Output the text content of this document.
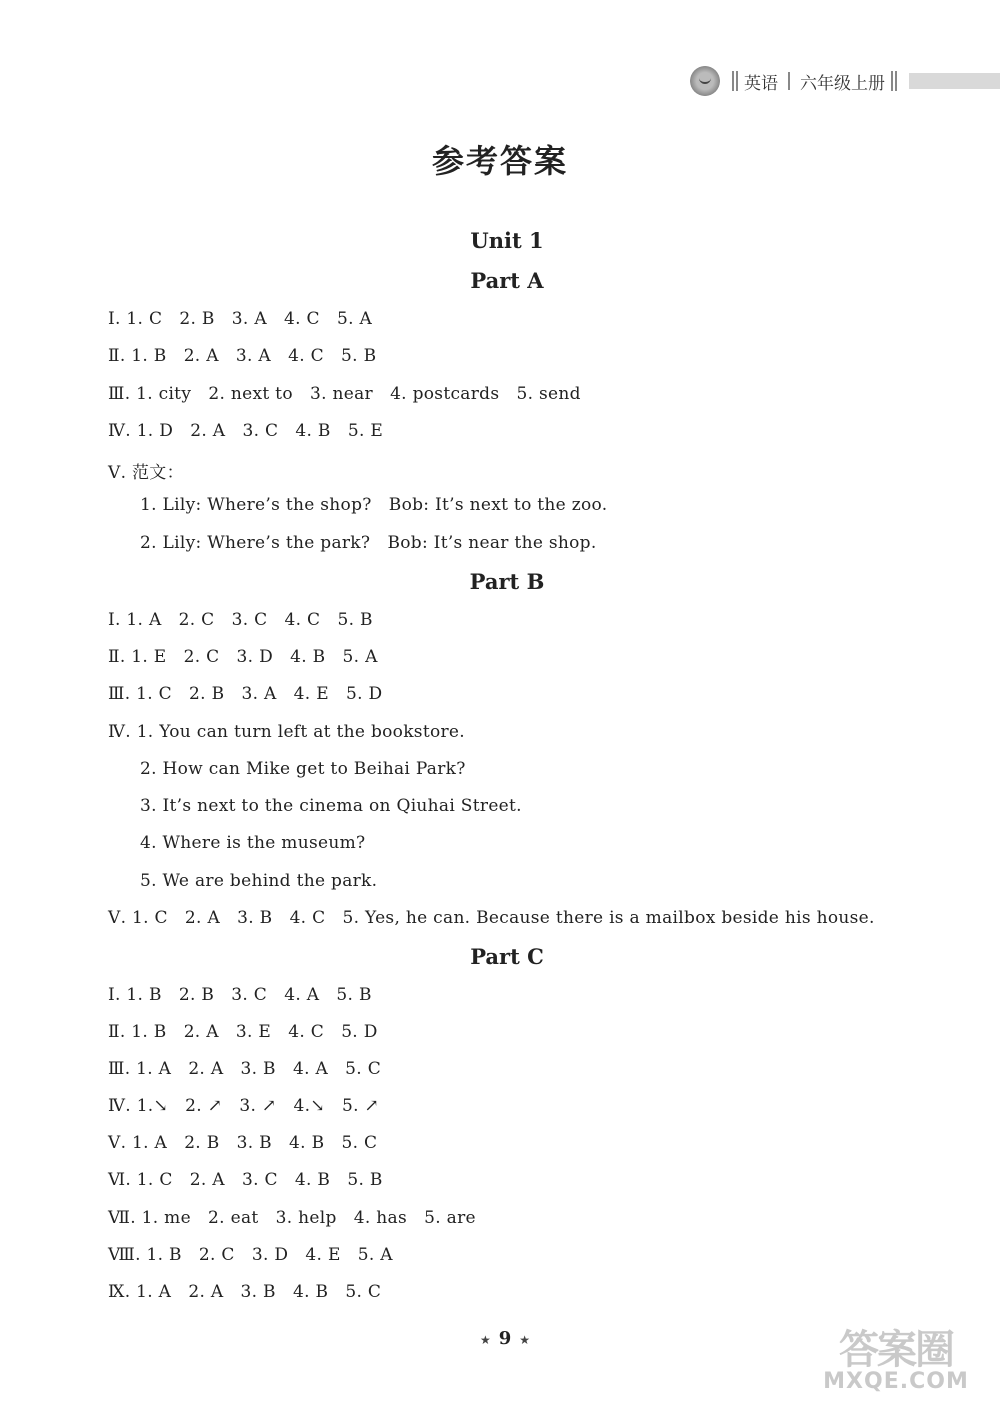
英语 六年级上册
参考答案
Unit 1
Part A
Ⅰ. 1. C   2. B   3. A   4. C   5. A
Ⅱ. 1. B   2. A   3. A   4. C   5. B
Ⅲ. 1. city   2. next to   3. near   4. postcards   5. send
Ⅳ. 1. D   2. A   3. C   4. B   5. E
Ⅴ. 范文：
1. Lily: Where’s the shop?   Bob: It’s next to the zoo.
2. Lily: Where’s the park?   Bob: It’s near the shop.
Part B
Ⅰ. 1. A   2. C   3. C   4. C   5. B
Ⅱ. 1. E   2. C   3. D   4. B   5. A
Ⅲ. 1. C   2. B   3. A   4. E   5. D
Ⅳ. 1. You can turn left at the bookstore.
2. How can Mike get to Beihai Park?
3. It’s next to the cinema on Qiuhai Street.
4. Where is the museum?
5. We are behind the park.
Ⅴ. 1. C   2. A   3. B   4. C   5. Yes, he can. Because there is a mailbox beside his house.
Part C
Ⅰ. 1. B   2. B   3. C   4. A   5. B
Ⅱ. 1. B   2. A   3. E   4. C   5. D
Ⅲ. 1. A   2. A   3. B   4. A   5. C
Ⅳ. 1.↘   2. ↗   3. ↗   4.↘   5. ↗
Ⅴ. 1. A   2. B   3. B   4. B   5. C
Ⅵ. 1. C   2. A   3. C   4. B   5. B
Ⅶ. 1. me   2. eat   3. help   4. has   5. are
Ⅷ. 1. B   2. C   3. D   4. E   5. A
Ⅸ. 1. A   2. A   3. B   4. B   5. C
★ 9 ★	答案圈
MXQE.COM
